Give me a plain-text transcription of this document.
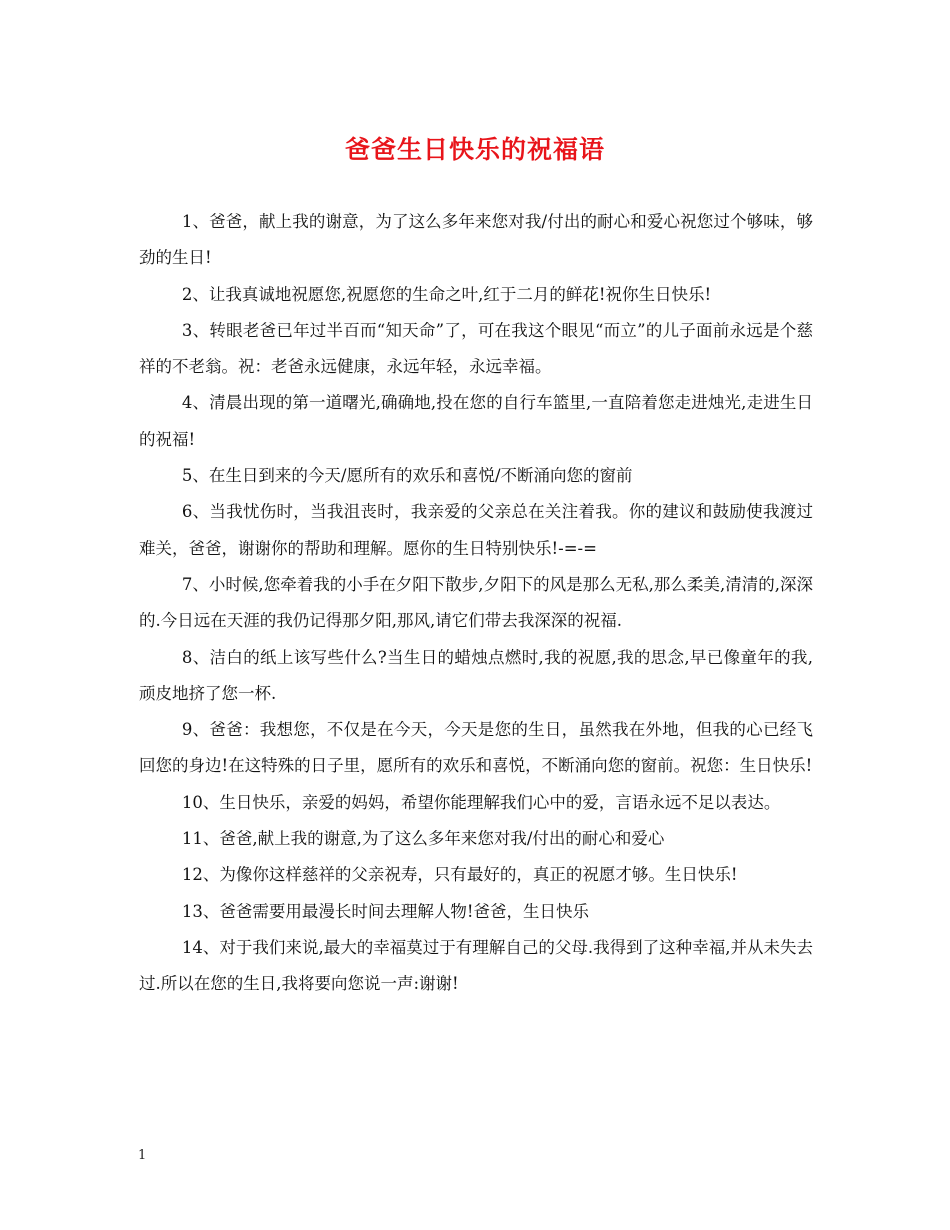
爸爸生日快乐的祝福语

1、爸爸，献上我的谢意，为了这么多年来您对我/付出的耐心和爱心祝您过个够味，够劲的生日!

2、让我真诚地祝愿您,祝愿您的生命之叶,红于二月的鲜花!祝你生日快乐!

3、转眼老爸已年过半百而“知天命”了，可在我这个眼见“而立”的儿子面前永远是个慈祥的不老翁。祝：老爸永远健康，永远年轻，永远幸福。

4、清晨出现的第一道曙光,确确地,投在您的自行车篮里,一直陪着您走进烛光,走进生日的祝福!

5、在生日到来的今天/愿所有的欢乐和喜悦/不断涌向您的窗前

6、当我忧伤时，当我沮丧时，我亲爱的父亲总在关注着我。你的建议和鼓励使我渡过难关，爸爸，谢谢你的帮助和理解。愿你的生日特别快乐!-=-=

7、小时候,您牵着我的小手在夕阳下散步,夕阳下的风是那么无私,那么柔美,清清的,深深的.今日远在天涯的我仍记得那夕阳,那风,请它们带去我深深的祝福.

8、洁白的纸上该写些什么?当生日的蜡烛点燃时,我的祝愿,我的思念,早已像童年的我,顽皮地挤了您一杯.

9、爸爸：我想您，不仅是在今天，今天是您的生日，虽然我在外地，但我的心已经飞回您的身边!在这特殊的日子里，愿所有的欢乐和喜悦，不断涌向您的窗前。祝您：生日快乐!

10、生日快乐，亲爱的妈妈，希望你能理解我们心中的爱，言语永远不足以表达。

11、爸爸,献上我的谢意,为了这么多年来您对我/付出的耐心和爱心

12、为像你这样慈祥的父亲祝寿，只有最好的，真正的祝愿才够。生日快乐!

13、爸爸需要用最漫长时间去理解人物!爸爸，生日快乐

14、对于我们来说,最大的幸福莫过于有理解自己的父母.我得到了这种幸福,并从未失去过.所以在您的生日,我将要向您说一声:谢谢!

1
